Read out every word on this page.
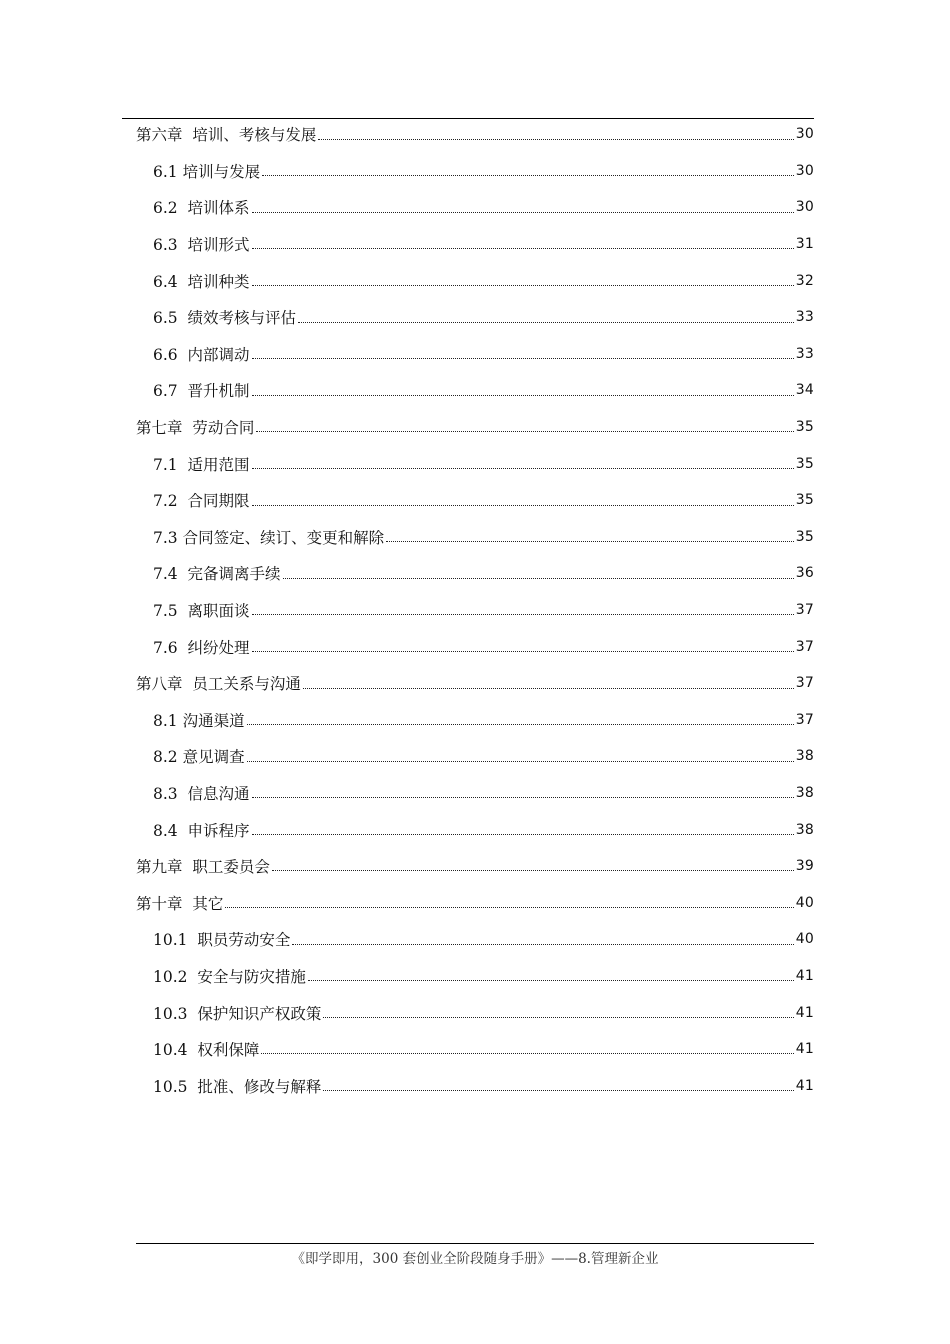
第六章  培训、考核与发展	30
6.1 培训与发展	30
6.2  培训体系	30
6.3  培训形式	31
6.4  培训种类	32
6.5  绩效考核与评估	33
6.6  内部调动	33
6.7  晋升机制	34
第七章  劳动合同	35
7.1  适用范围	35
7.2  合同期限	35
7.3 合同签定、续订、变更和解除	35
7.4  完备调离手续	36
7.5  离职面谈	37
7.6  纠纷处理	37
第八章  员工关系与沟通	37
8.1 沟通渠道	37
8.2 意见调查	38
8.3  信息沟通	38
8.4  申诉程序	38
第九章  职工委员会	39
第十章  其它	40
10.1  职员劳动安全	40
10.2  安全与防灾措施	41
10.3  保护知识产权政策	41
10.4  权利保障	41
10.5  批准、修改与解释	41
《即学即用，300 套创业全阶段随身手册》——8.管理新企业
